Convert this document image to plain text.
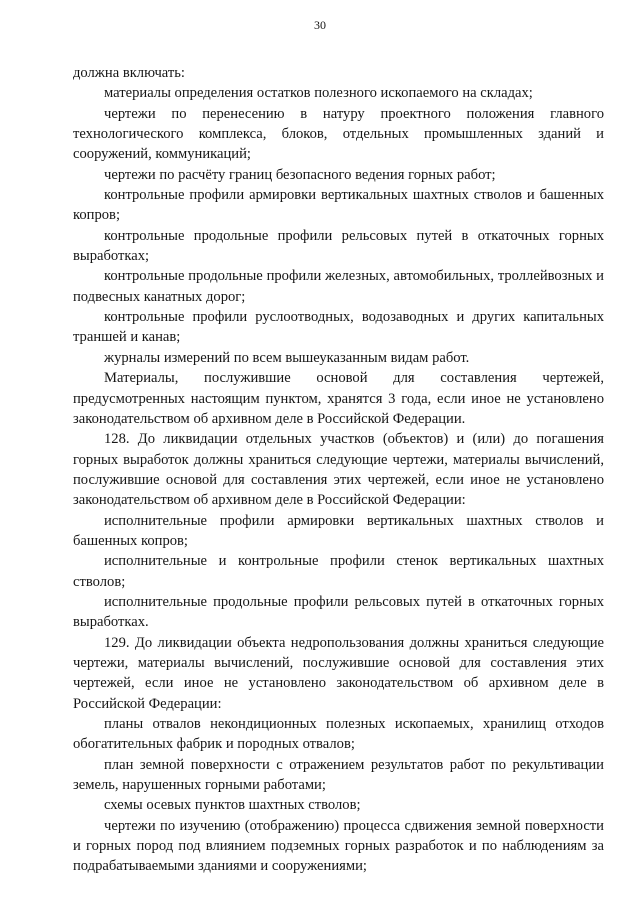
30

должна включать:

материалы определения остатков полезного ископаемого на складах;

чертежи по перенесению в натуру проектного положения главного технологического комплекса, блоков, отдельных промышленных зданий и сооружений, коммуникаций;

чертежи по расчёту границ безопасного ведения горных работ;

контрольные профили армировки вертикальных шахтных стволов и башенных копров;

контрольные продольные профили рельсовых путей в откаточных горных выработках;

контрольные продольные профили железных, автомобильных, троллейвозных и подвесных канатных дорог;

контрольные профили руслоотводных, водозаводных и других капитальных траншей и канав;

журналы измерений по всем вышеуказанным видам работ.

Материалы, послужившие основой для составления чертежей, предусмотренных настоящим пунктом, хранятся 3 года, если иное не установлено законодательством об архивном деле в Российской Федерации.

128. До ликвидации отдельных участков (объектов) и (или) до погашения горных выработок должны храниться следующие чертежи, материалы вычислений, послужившие основой для составления этих чертежей, если иное не установлено законодательством об архивном деле в Российской Федерации:

исполнительные профили армировки вертикальных шахтных стволов и башенных копров;

исполнительные и контрольные профили стенок вертикальных шахтных стволов;

исполнительные продольные профили рельсовых путей в откаточных горных выработках.

129. До ликвидации объекта недропользования должны храниться следующие чертежи, материалы вычислений, послужившие основой для составления этих чертежей, если иное не установлено законодательством об архивном деле в Российской Федерации:

планы отвалов некондиционных полезных ископаемых, хранилищ отходов обогатительных фабрик и породных отвалов;

план земной поверхности с отражением результатов работ по рекультивации земель, нарушенных горными работами;

схемы осевых пунктов шахтных стволов;

чертежи по изучению (отображению) процесса сдвижения земной поверхности и горных пород под влиянием подземных горных разработок и по наблюдениям за подрабатываемыми зданиями и сооружениями;
